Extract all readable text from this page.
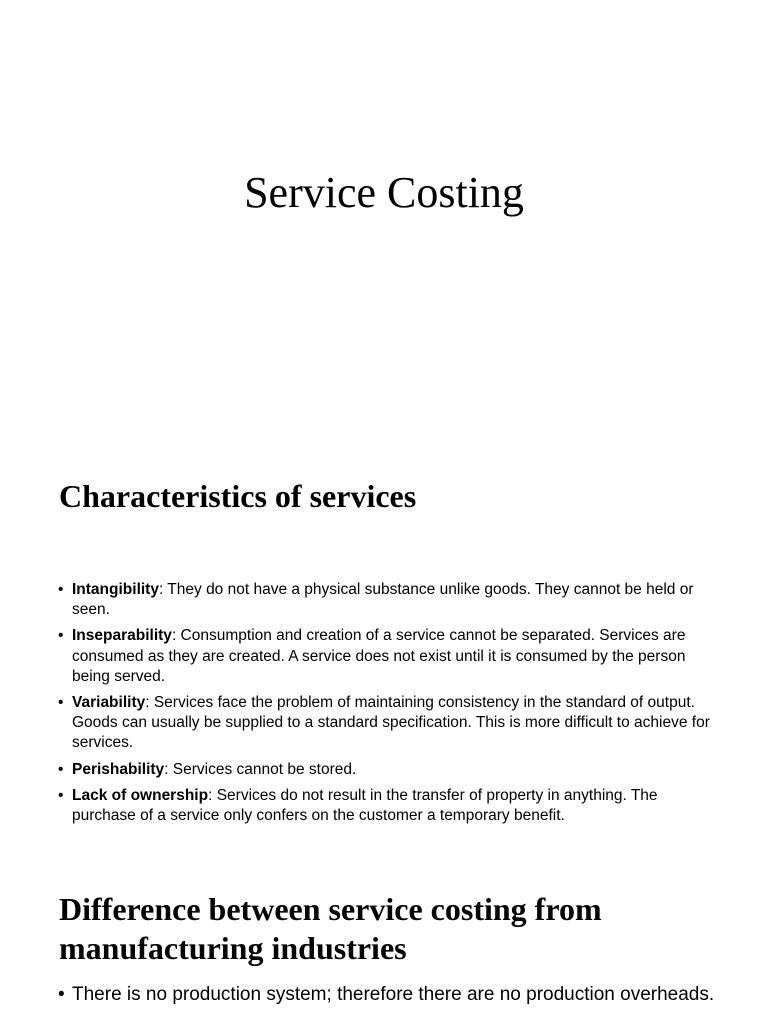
Service Costing
Characteristics of services
• Intangibility: They do not have a physical substance unlike goods. They cannot be held or seen.
• Inseparability: Consumption and creation of a service cannot be separated. Services are consumed as they are created. A service does not exist until it is consumed by the person being served.
• Variability: Services face the problem of maintaining consistency in the standard of output. Goods can usually be supplied to a standard specification. This is more difficult to achieve for services.
• Perishability: Services cannot be stored.
• Lack of ownership: Services do not result in the transfer of property in anything. The purchase of a service only confers on the customer a temporary benefit.
Difference between service costing from manufacturing industries
• There is no production system; therefore there are no production overheads.
